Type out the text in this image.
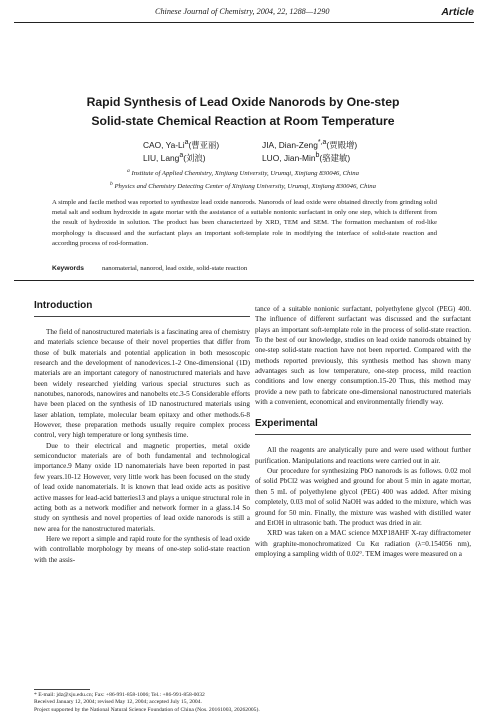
Chinese Journal of Chemistry, 2004, 22, 1288—1290	Article
Rapid Synthesis of Lead Oxide Nanorods by One-step
Solid-state Chemical Reaction at Room Temperature
CAO, Ya-Li$^a$(曹亚丽)	JIA, Dian-Zeng$^{*,a}$(贾殿增)
LIU, Lang$^a$(刘浪)	LUO, Jian-Min$^b$(骆建敏)
$^a$ Institute of Applied Chemistry, Xinjiang University, Urumqi, Xinjiang 830046, China
$^b$ Physics and Chemistry Detecting Center of Xinjiang University, Urumqi, Xinjiang 830046, China

A simple and facile method was reported to synthesize lead oxide nanorods. Nanorods of lead oxide were obtained directly from grinding solid metal salt and sodium hydroxide in agate mortar with the assistance of a suitable nonionic surfactant in only one step, which is different from the result of hydroxide in solution. The product has been characterized by XRD, TEM and SEM. The formation mechanism of rod-like morphology is discussed and the surfactant plays an important soft-template role in modifying the interface of solid-state reaction and according process of rod-formation.

Keywords	nanomaterial, nanorod, lead oxide, solid-state reaction
Introduction

The field of nanostructured materials is a fascinating area of chemistry and materials science because of their novel properties that differ from those of bulk materials and potential application in both mesoscopic research and the development of nanodevices.1-2 One-dimensional (1D) materials are an important category of nanostructured materials and have been widely researched yielding various special structures such as nanotubes, nanorods, nanowires and nanobelts etc.3-5 Considerable efforts have been placed on the synthesis of 1D nanostructured materials using laser ablation, template, molecular beam epitaxy and other methods.6-8 However, these preparation methods usually require complex process control, very high temperature or long synthesis time.

Due to their electrical and magnetic properties, metal oxide semiconductor materials are of both fundamental and technological importance.9 Many oxide 1D nanomaterials have been reported in past few years.10-12 However, very little work has been focused on the study of lead oxide nanomaterials. It is known that lead oxide acts as positive active masses for lead-acid batteries13 and plays a unique structural role in acting both as a network modifier and network former in a glass.14 So study on synthesis and novel properties of lead oxide nanorods is still a new area for the nanostructured materials.

Here we report a simple and rapid route for the synthesis of lead oxide with controllable morphology by means of one-step solid-state reaction with the assis-

tance of a suitable nonionic surfactant, polyethylene glycol (PEG) 400. The influence of different surfactant was discussed and the surfactant plays an important soft-template role in the process of solid-state reaction. To the best of our knowledge, studies on lead oxide nanorods obtained by one-step solid-state reaction have not been reported. Compared with the methods reported previously, this synthesis method has shown many advantages such as low temperature, one-step process, mild reaction conditions and low energy consumption.15-20 Thus, this method may provide a new path to fabricate one-dimensional nanostructured materials with a convenient, economical and environmentally friendly way.

Experimental

All the reagents are analytically pure and were used without further purification. Manipulations and reactions were carried out in air.

Our procedure for synthesizing PbO nanorods is as follows. 0.02 mol of solid PbCl2 was weighed and ground for about 5 min in agate mortar, then 5 mL of polyethylene glycol (PEG) 400 was added. After mixing completely, 0.03 mol of solid NaOH was added to the mixture, which was ground for 50 min. Finally, the mixture was washed with distilled water and EtOH in ultrasonic bath. The product was dried in air.

XRD was taken on a MAC science MXP18AHF X-ray diffractometer with graphite-monochromatized Cu Kα radiation (λ=0.154056 nm), employing a sampling width of 0.02°. TEM images were measured on a

* E-mail: jdz@xju.edu.cn; Fax: +86-991-858-1006; Tel.: +86-991-858-0032
Received January 12, 2004; revised May 12, 2004; accepted July 15, 2004.
Project supported by the National Natural Science Foundation of China (Nos. 20161003, 20262005).
